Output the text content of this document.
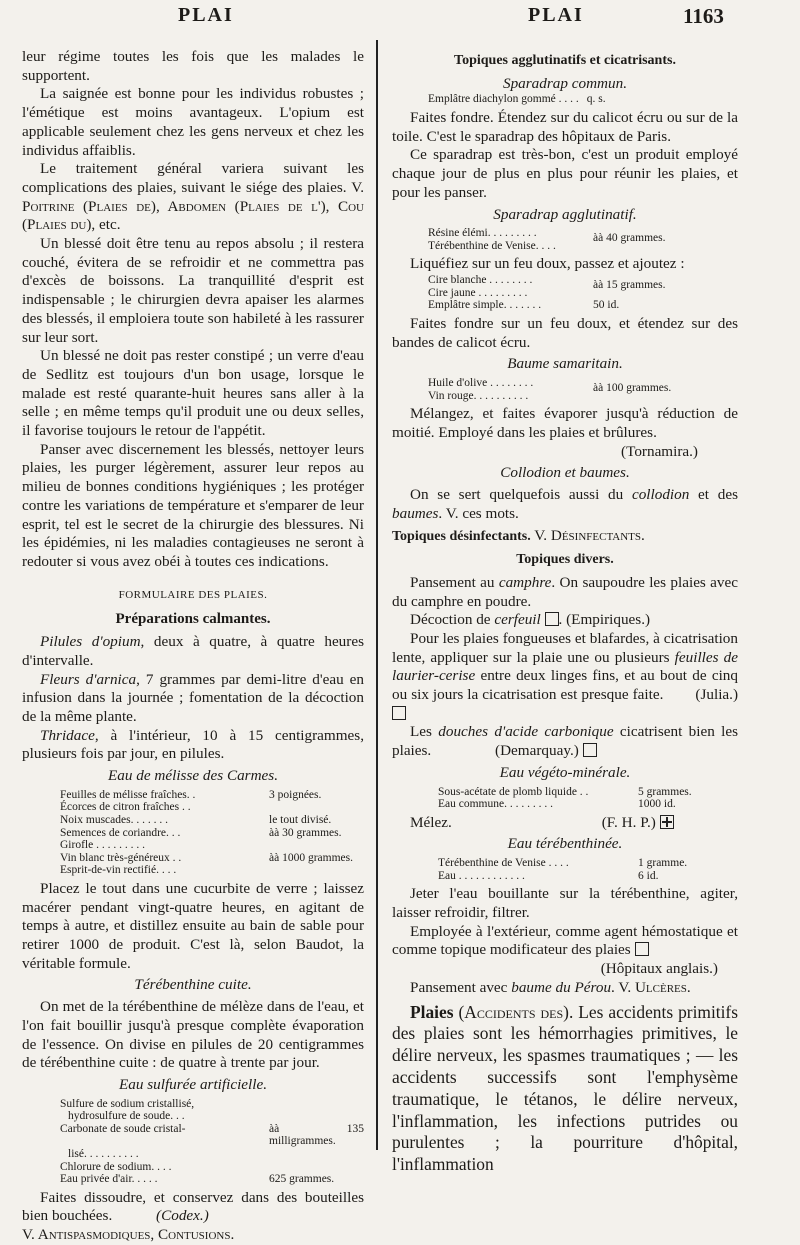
PLAI	PLAI	1163

leur régime toutes les fois que les malades le supportent.

La saignée est bonne pour les individus robustes ; l'émétique est moins avantageux. L'opium est applicable seulement chez les gens nerveux et chez les individus affaiblis.

Le traitement général variera suivant les complications des plaies, suivant le siége des plaies. V. Poitrine (Plaies de), Abdomen (Plaies de l'), Cou (Plaies du), etc.

Un blessé doit être tenu au repos absolu ; il restera couché, évitera de se refroidir et ne commettra pas d'excès de boissons. La tranquillité d'esprit est indispensable ; le chirurgien devra apaiser les alarmes des blessés, il emploiera toute son habileté à les rassurer sur leur sort.

Un blessé ne doit pas rester constipé ; un verre d'eau de Sedlitz est toujours d'un bon usage, lorsque le malade est resté quarante-huit heures sans aller à la selle ; en même temps qu'il produit une ou deux selles, il favorise toujours le retour de l'appétit.

Panser avec discernement les blessés, nettoyer leurs plaies, les purger légèrement, assurer leur repos au milieu de bonnes conditions hygiéniques ; les protéger contre les variations de température et s'emparer de leur esprit, tel est le secret de la chirurgie des blessures. Ni les épidémies, ni les maladies contagieuses ne seront à redouter si vous avez obéi à toutes ces indications.

FORMULAIRE DES PLAIES.
Préparations calmantes.

Pilules d'opium, deux à quatre, à quatre heures d'intervalle.

Fleurs d'arnica, 7 grammes par demi-litre d'eau en infusion dans la journée ; fomentation de la décoction de la même plante.

Thridace, à l'intérieur, 10 à 15 centigrammes, plusieurs fois par jour, en pilules.

Eau de mélisse des Carmes.

Feuilles de mélisse fraîches. .	3 poignées.
Écorces de citron fraîches . .
Noix muscades. . . . . . .	le tout divisé.
Semences de coriandre. . .	àà 30 grammes.
Girofle . . . . . . . . .
Vin blanc très-généreux . .	àà 1000 grammes.
Esprit-de-vin rectifié. . . .

Placez le tout dans une cucurbite de verre ; laissez macérer pendant vingt-quatre heures, en agitant de temps à autre, et distillez ensuite au bain de sable pour retirer 1000 de produit. C'est là, selon Baudot, la véritable formule.

Térébenthine cuite.

On met de la térébenthine de mélèze dans de l'eau, et l'on fait bouillir jusqu'à presque complète évaporation de l'essence. On divise en pilules de 20 centigrammes de térébenthine cuite : de quatre à trente par jour.

Eau sulfurée artificielle.

Sulfure de sodium cristallisé,
hydrosulfure de soude. . .
Carbonate de soude cristal-	àà 135 milligrammes.
lisé. . . . . . . . . .
Chlorure de sodium. . . .
Eau privée d'air. . . . .	625 grammes.

Faites dissoudre, et conservez dans des bouteilles bien bouchées.	(Codex.)

V. Antispasmodiques, Contusions.

Topiques agglutinatifs et cicatrisants.

Sparadrap commun.

Emplâtre diachylon gommé . . . . q. s.

Faites fondre. Étendez sur du calicot écru ou sur de la toile. C'est le sparadrap des hôpitaux de Paris.

Ce sparadrap est très-bon, c'est un produit employé chaque jour de plus en plus pour réunir les plaies, et pour les panser.

Sparadrap agglutinatif.

Résine élémi. . . . . . . . .
Térébenthine de Venise. . . .
àà 40 grammes.

Liquéfiez sur un feu doux, passez et ajoutez :

Cire blanche . . . . . . . .
Cire jaune . . . . . . . . .
àà 15 grammes.
Emplâtre simple. . . . . . .	50 id.

Faites fondre sur un feu doux, et étendez sur des bandes de calicot écru.

Baume samaritain.

Huile d'olive . . . . . . . .
Vin rouge. . . . . . . . . .
àà 100 grammes.

Mélangez, et faites évaporer jusqu'à réduction de moitié. Employé dans les plaies et brûlures.

(Tornamira.)

Collodion et baumes.

On se sert quelquefois aussi du collodion et des baumes. V. ces mots.

Topiques désinfectants. V. Désinfectants.

Topiques divers.

Pansement au camphre. On saupoudre les plaies avec du camphre en poudre.

Décoction de cerfeuil . (Empiriques.)

Pour les plaies fongueuses et blafardes, à cicatrisation lente, appliquer sur la plaie une ou plusieurs feuilles de laurier-cerise entre deux linges fins, et au bout de cinq ou six jours la cicatrisation est presque faite. (Julia.)

Les douches d'acide carbonique cicatrisent bien les plaies.	(Demarquay.)

Eau végéto-minérale.

Sous-acétate de plomb liquide . .	5 grammes.
Eau commune. . . . . . . . .	1000 id.

Mélez.	(F. H. P.)

Eau térébenthinée.

Térébenthine de Venise . . . .	1 gramme.
Eau . . . . . . . . . . . .	6 id.

Jeter l'eau bouillante sur la térébenthine, agiter, laisser refroidir, filtrer.

Employée à l'extérieur, comme agent hémostatique et comme topique modificateur des plaies

(Hôpitaux anglais.)

Pansement avec baume du Pérou. V. Ulcères.

Plaies (Accidents des). Les accidents primitifs des plaies sont les hémorrhagies primitives, le délire nerveux, les spasmes traumatiques ; — les accidents successifs sont l'emphysème traumatique, le tétanos, le délire nerveux, l'inflammation, les infections putrides ou purulentes ; la pourriture d'hôpital, l'inflammation
